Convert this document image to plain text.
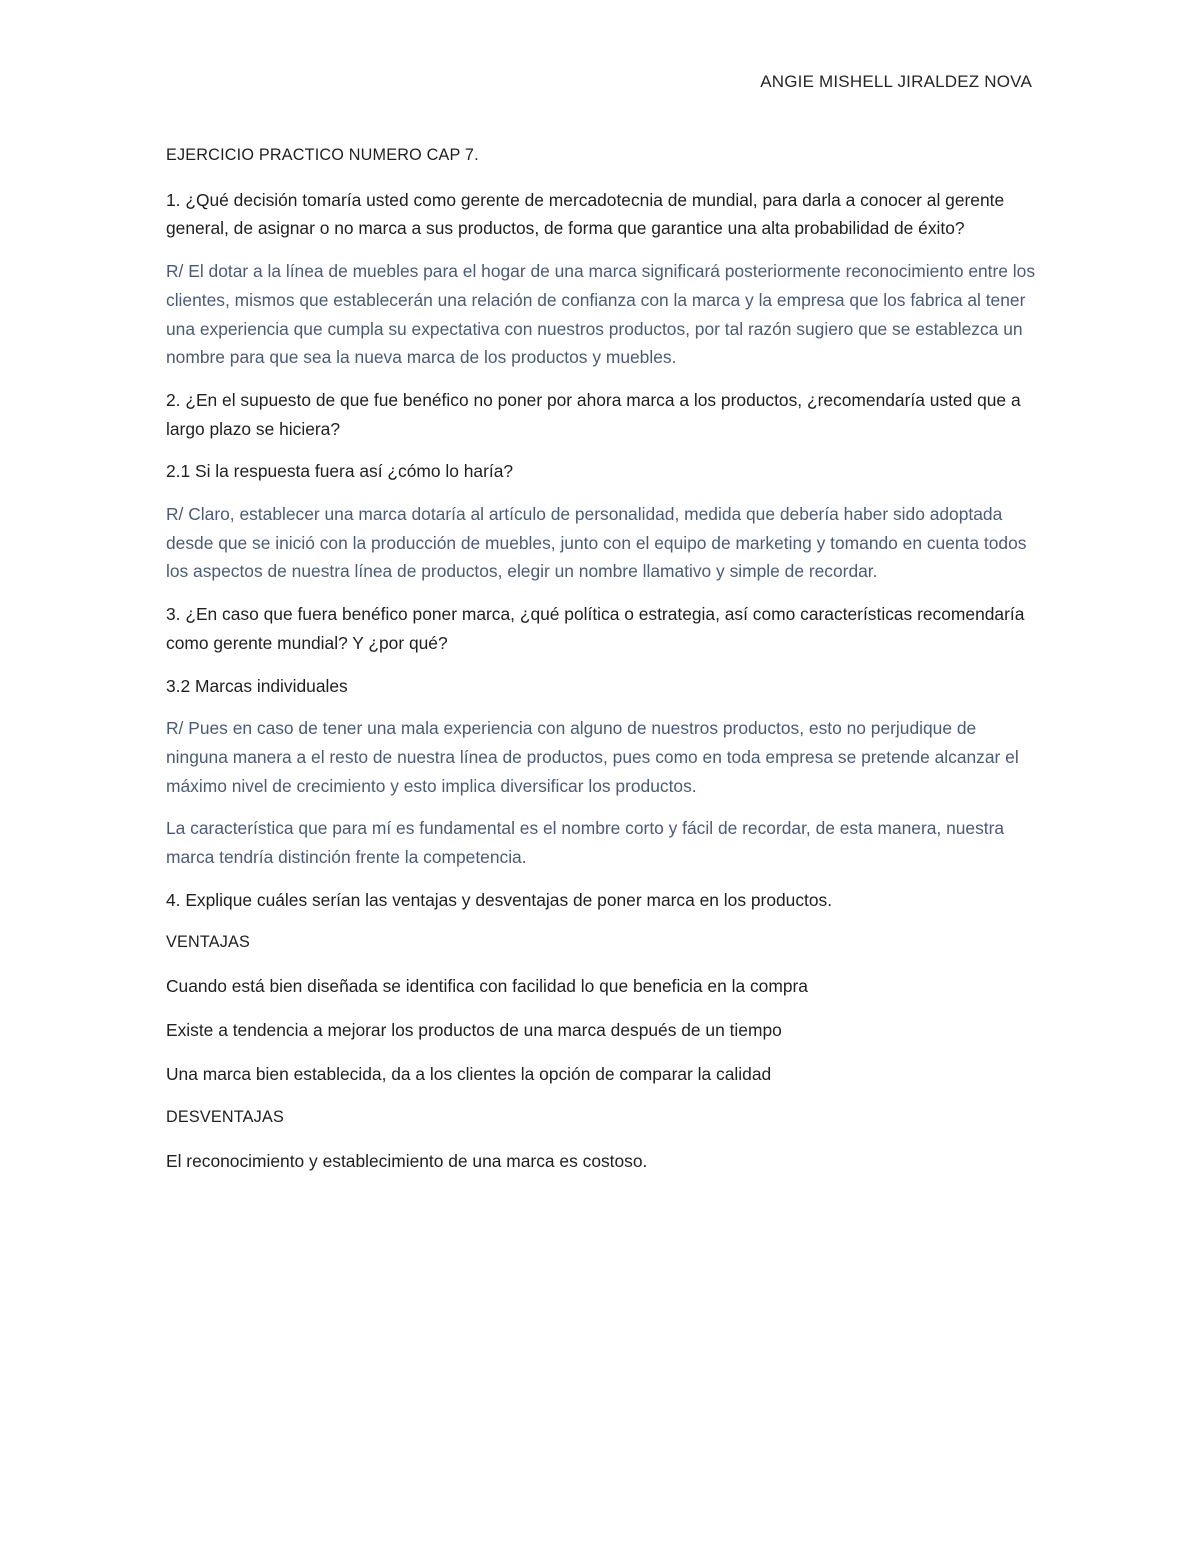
ANGIE MISHELL JIRALDEZ NOVA

EJERCICIO PRACTICO NUMERO CAP 7.

1. ¿Qué decisión tomaría usted como gerente de mercadotecnia de mundial, para darla a conocer al gerente general, de asignar o no marca a sus productos, de forma que garantice una alta probabilidad de éxito?

R/ El dotar a la línea de muebles para el hogar de una marca significará posteriormente reconocimiento entre los clientes, mismos que establecerán una relación de confianza con la marca y la empresa que los fabrica al tener una experiencia que cumpla su expectativa con nuestros productos, por tal razón sugiero que se establezca un nombre para que sea la nueva marca de los productos y muebles.

2. ¿En el supuesto de que fue benéfico no poner por ahora marca a los productos, ¿recomendaría usted que a largo plazo se hiciera?

2.1 Si la respuesta fuera así ¿cómo lo haría?

R/ Claro, establecer una marca dotaría al artículo de personalidad, medida que debería haber sido adoptada desde que se inició con la producción de muebles, junto con el equipo de marketing y tomando en cuenta todos los aspectos de nuestra línea de productos, elegir un nombre llamativo y simple de recordar.

3. ¿En caso que fuera benéfico poner marca, ¿qué política o estrategia, así como características recomendaría como gerente mundial? Y ¿por qué?

3.2 Marcas individuales

R/ Pues en caso de tener una mala experiencia con alguno de nuestros productos, esto no perjudique de ninguna manera a el resto de nuestra línea de productos, pues como en toda empresa se pretende alcanzar el máximo nivel de crecimiento y esto implica diversificar los productos.

La característica que para mí es fundamental es el nombre corto y fácil de recordar, de esta manera, nuestra marca tendría distinción frente la competencia.

4. Explique cuáles serían las ventajas y desventajas de poner marca en los productos.

VENTAJAS

Cuando está bien diseñada se identifica con facilidad lo que beneficia en la compra

Existe a tendencia a mejorar los productos de una marca después de un tiempo

Una marca bien establecida, da a los clientes la opción de comparar la calidad

DESVENTAJAS

El reconocimiento y establecimiento de una marca es costoso.
